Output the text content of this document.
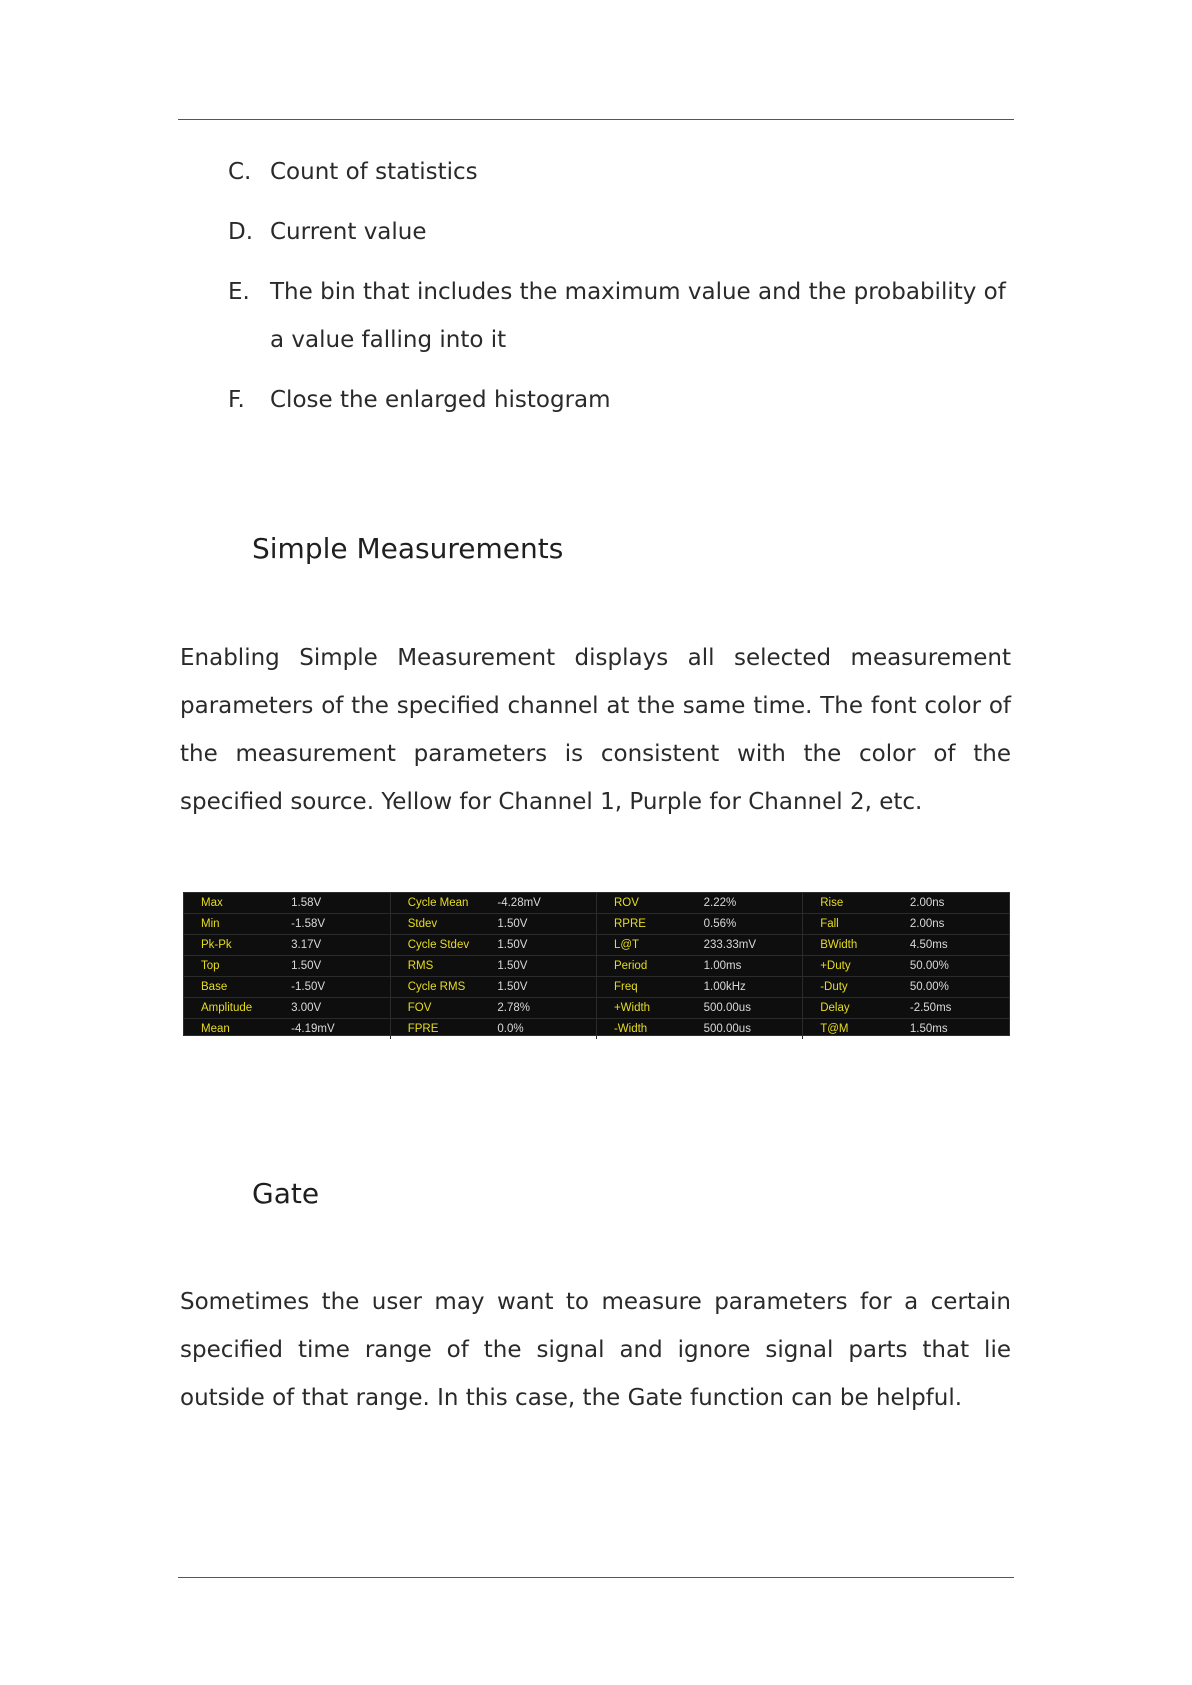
C. Count of statistics
D. Current value
E. The bin that includes the maximum value and the probability of a value falling into it
F. Close the enlarged histogram
Simple Measurements

Enabling Simple Measurement displays all selected measurement parameters of the specified channel at the same time. The font color of the measurement parameters is consistent with the color of the specified source. Yellow for Channel 1, Purple for Channel 2, etc.

Max	1.58V	Cycle Mean	-4.28mV	ROV	2.22%	Rise	2.00ns
Min	-1.58V	Stdev	1.50V	RPRE	0.56%	Fall	2.00ns
Pk-Pk	3.17V	Cycle Stdev	1.50V	L@T	233.33mV	BWidth	4.50ms
Top	1.50V	RMS	1.50V	Period	1.00ms	+Duty	50.00%
Base	-1.50V	Cycle RMS	1.50V	Freq	1.00kHz	-Duty	50.00%
Amplitude	3.00V	FOV	2.78%	+Width	500.00us	Delay	-2.50ms
Mean	-4.19mV	FPRE	0.0%	-Width	500.00us	T@M	1.50ms
Gate

Sometimes the user may want to measure parameters for a certain specified time range of the signal and ignore signal parts that lie outside of that range. In this case, the Gate function can be helpful.
